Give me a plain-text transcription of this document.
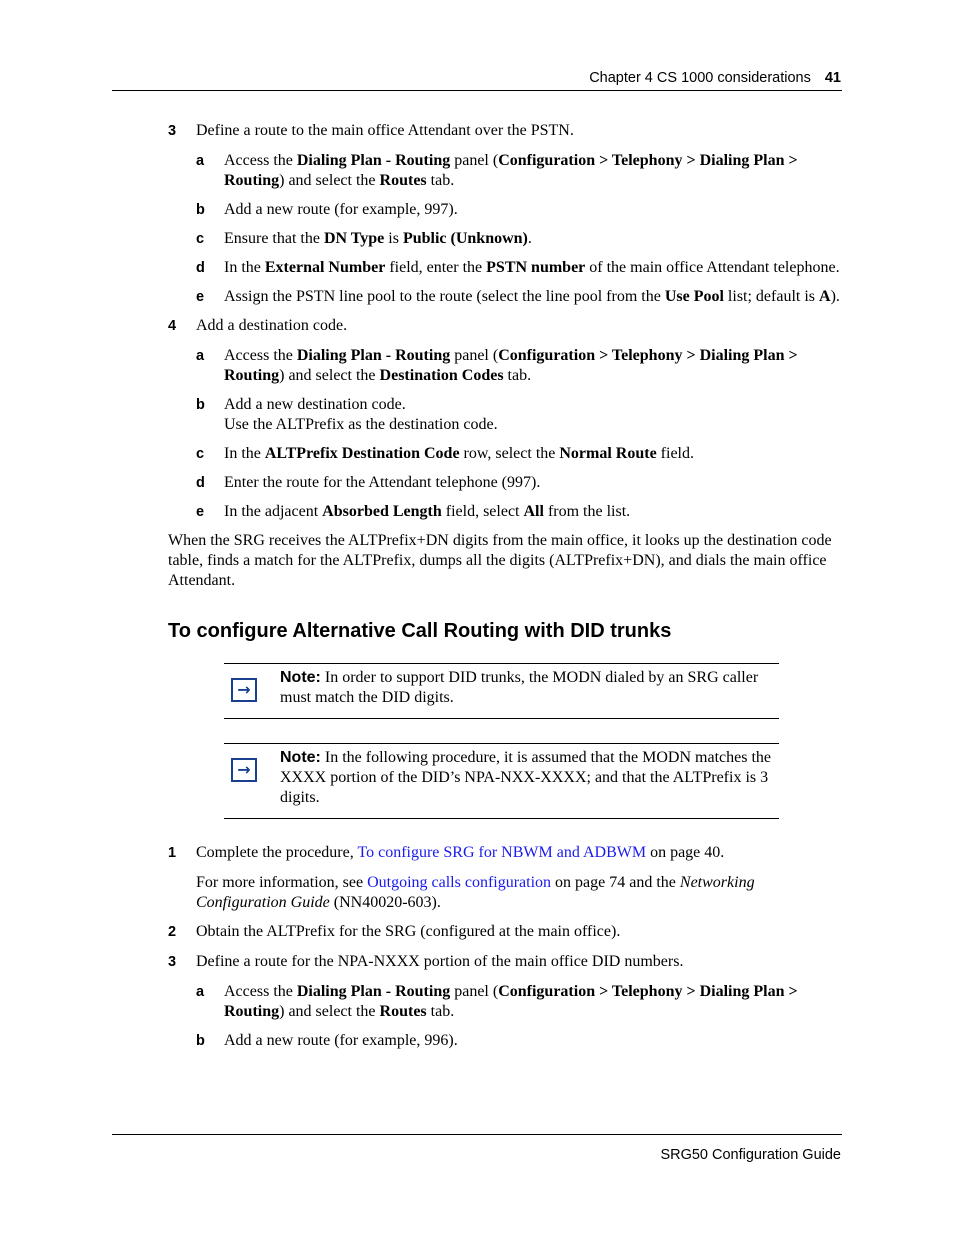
Chapter 4 CS 1000 considerations 41
3 Define a route to the main office Attendant over the PSTN.
a Access the Dialing Plan - Routing panel (Configuration > Telephony > Dialing Plan > Routing) and select the Routes tab.
b Add a new route (for example, 997).
c Ensure that the DN Type is Public (Unknown).
d In the External Number field, enter the PSTN number of the main office Attendant telephone.
e Assign the PSTN line pool to the route (select the line pool from the Use Pool list; default is A).
4 Add a destination code.
a Access the Dialing Plan - Routing panel (Configuration > Telephony > Dialing Plan > Routing) and select the Destination Codes tab.
b Add a new destination code.
Use the ALTPrefix as the destination code.
c In the ALTPrefix Destination Code row, select the Normal Route field.
d Enter the route for the Attendant telephone (997).
e In the adjacent Absorbed Length field, select All from the list.
When the SRG receives the ALTPrefix+DN digits from the main office, it looks up the destination code table, finds a match for the ALTPrefix, dumps all the digits (ALTPrefix+DN), and dials the main office Attendant.
To configure Alternative Call Routing with DID trunks
→
Note: In order to support DID trunks, the MODN dialed by an SRG caller must match the DID digits.
→
Note: In the following procedure, it is assumed that the MODN matches the XXXX portion of the DID’s NPA-NXX-XXXX; and that the ALTPrefix is 3 digits.
1 Complete the procedure, To configure SRG for NBWM and ADBWM on page 40.
For more information, see Outgoing calls configuration on page 74 and the Networking Configuration Guide (NN40020-603).
2 Obtain the ALTPrefix for the SRG (configured at the main office).
3 Define a route for the NPA-NXXX portion of the main office DID numbers.
a Access the Dialing Plan - Routing panel (Configuration > Telephony > Dialing Plan > Routing) and select the Routes tab.
b Add a new route (for example, 996).
SRG50 Configuration Guide
